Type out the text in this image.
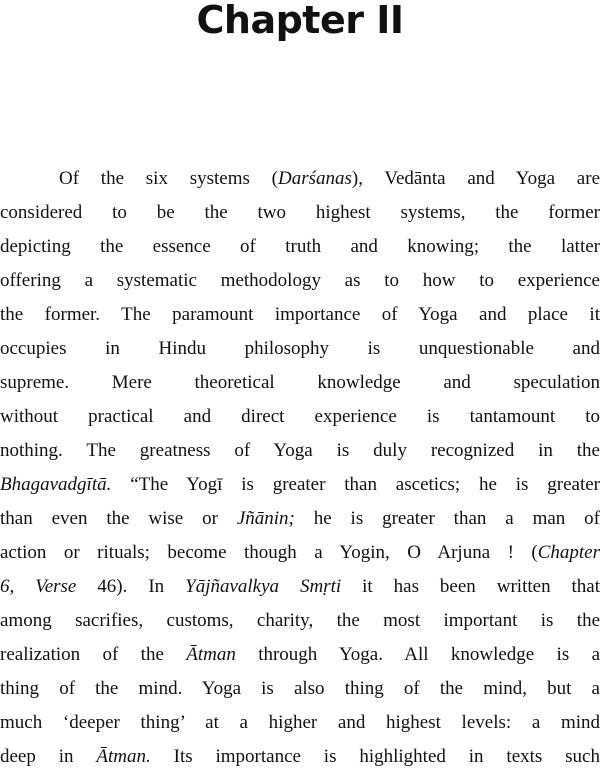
Chapter II
Of the six systems (Darśanas), Vedānta and Yoga are
considered to be the two highest systems, the former
depicting the essence of truth and knowing; the latter
offering a systematic methodology as to how to experience
the former. The paramount importance of Yoga and place it
occupies in Hindu philosophy is unquestionable and
supreme. Mere theoretical knowledge and speculation
without practical and direct experience is tantamount to
nothing. The greatness of Yoga is duly recognized in the
Bhagavadgītā. “The Yogī is greater than ascetics; he is greater
than even the wise or Jñānin; he is greater than a man of
action or rituals; become though a Yogin, O Arjuna ! (Chapter
6, Verse 46). In Yājñavalkya Smṛti it has been written that
among sacrifies, customs, charity, the most important is the
realization of the Ātman through Yoga. All knowledge is a
thing of the mind. Yoga is also thing of the mind, but a
much ‘deeper thing’ at a higher and highest levels: a mind
deep in Ātman. Its importance is highlighted in texts such
